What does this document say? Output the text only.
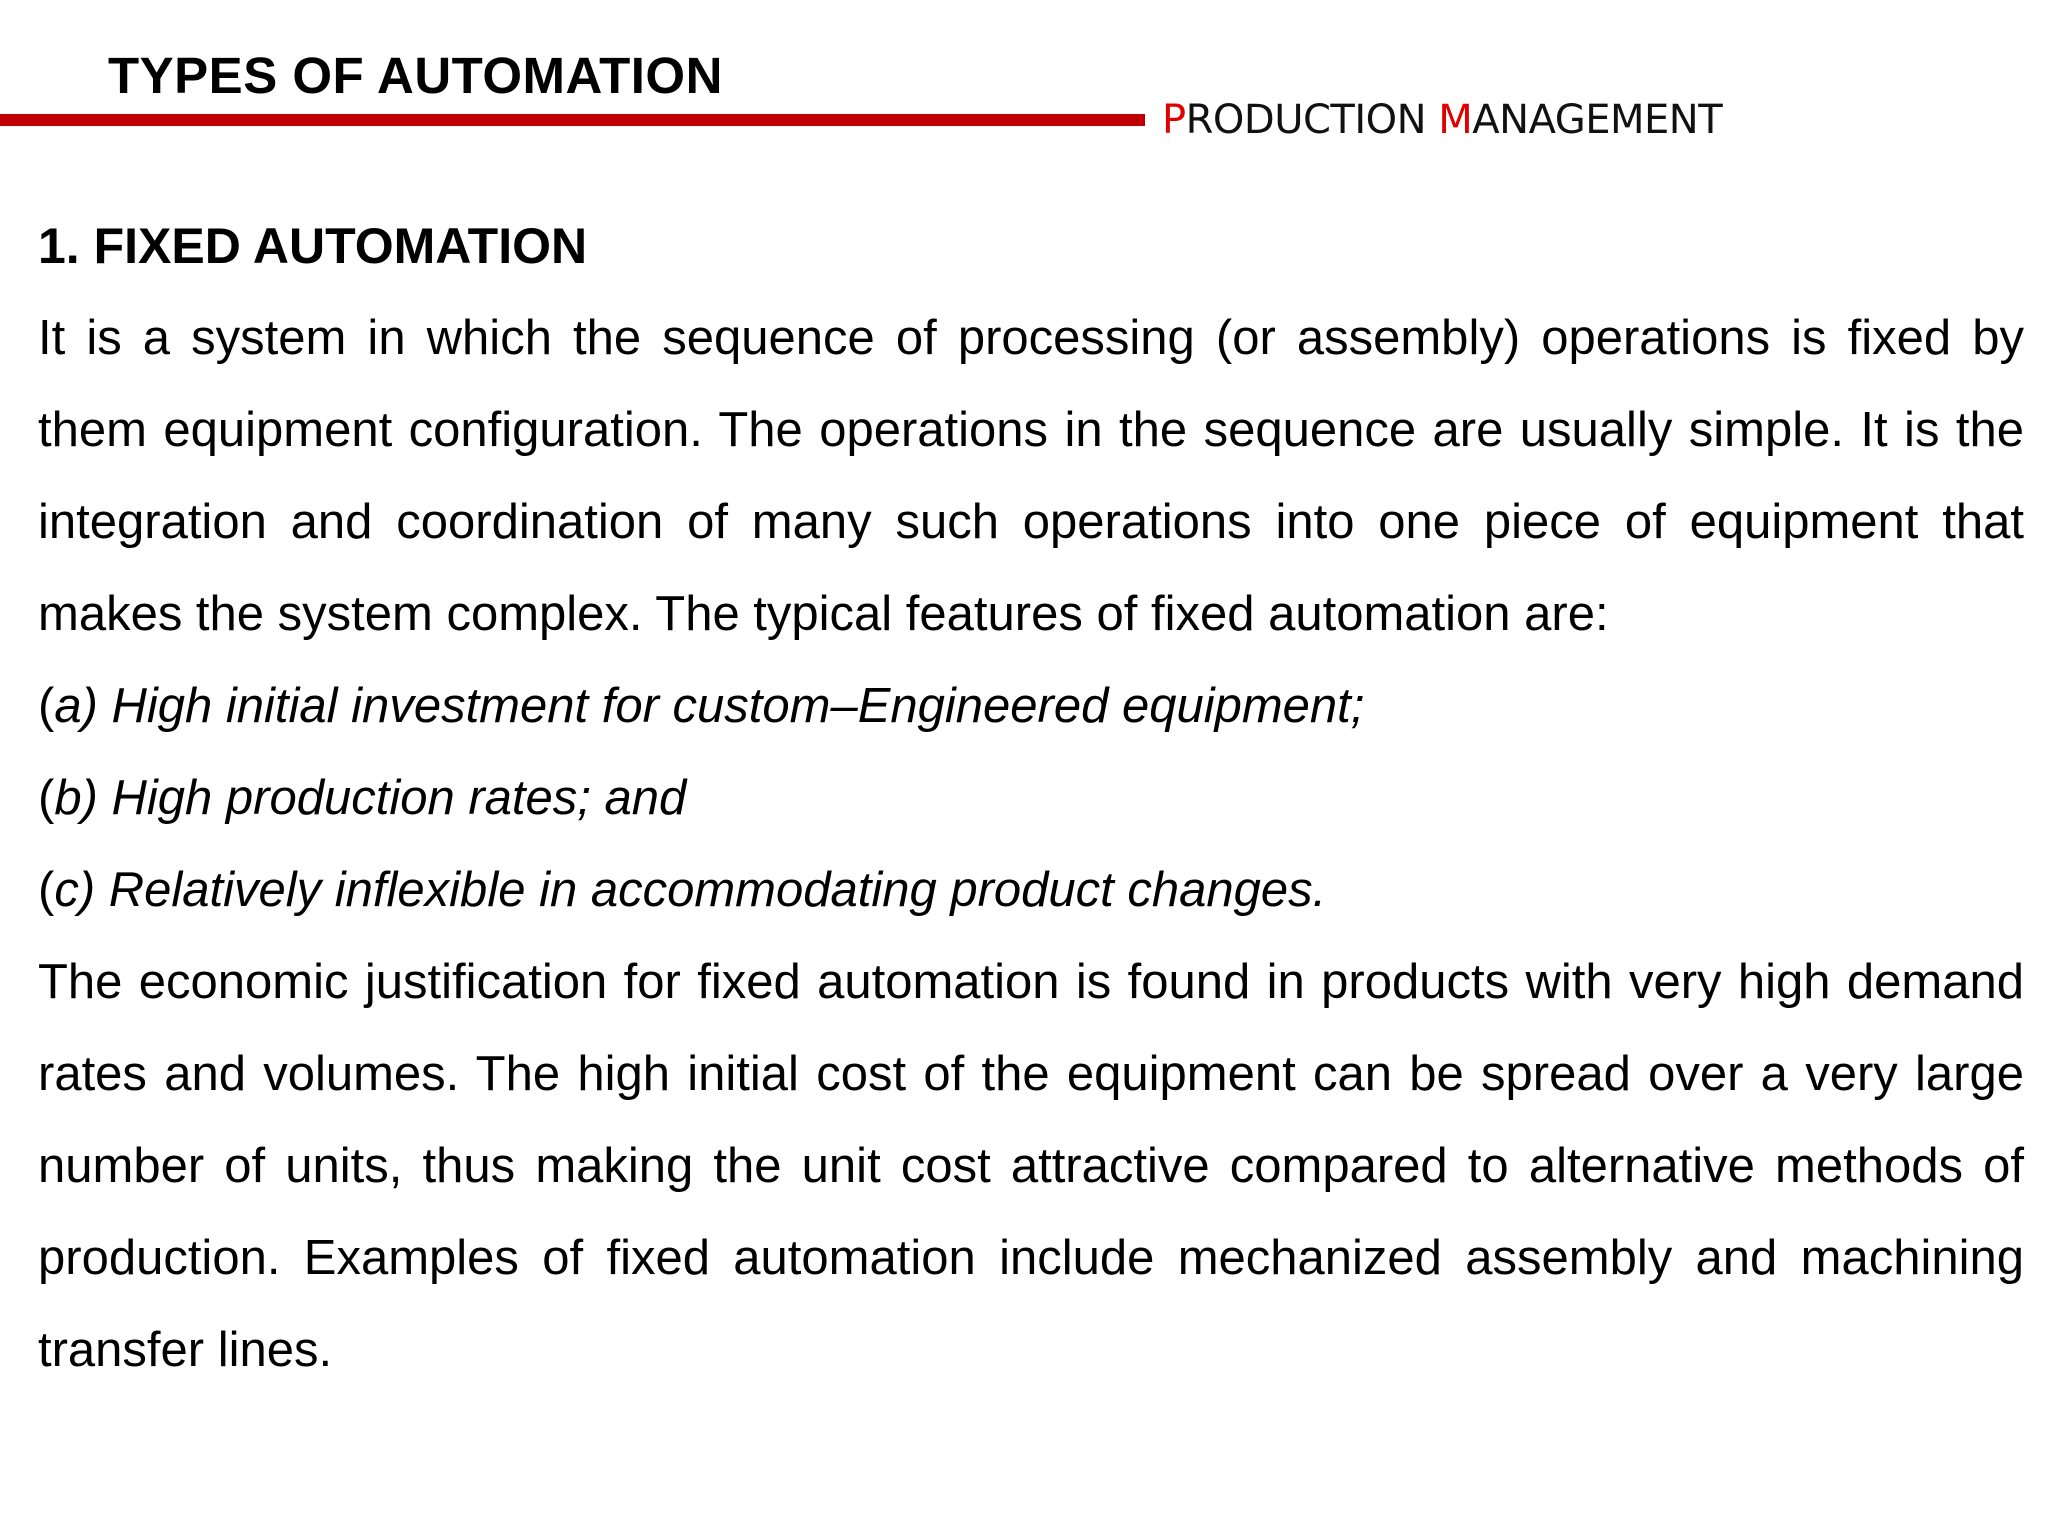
TYPES OF AUTOMATION
PRODUCTION MANAGEMENT
1. FIXED AUTOMATION

It is a system in which the sequence of processing (or assembly) operations is fixed by them equipment configuration. The operations in the sequence are usually simple. It is the integration and coordination of many such operations into one piece of equipment that makes the system complex. The typical features of fixed automation are:

(a) High initial investment for custom–Engineered equipment;

(b) High production rates; and

(c) Relatively inflexible in accommodating product changes.

The economic justification for fixed automation is found in products with very high demand rates and volumes. The high initial cost of the equipment can be spread over a very large number of units, thus making the unit cost attractive compared to alternative methods of production. Examples of fixed automation include mechanized assembly and machining transfer lines.
